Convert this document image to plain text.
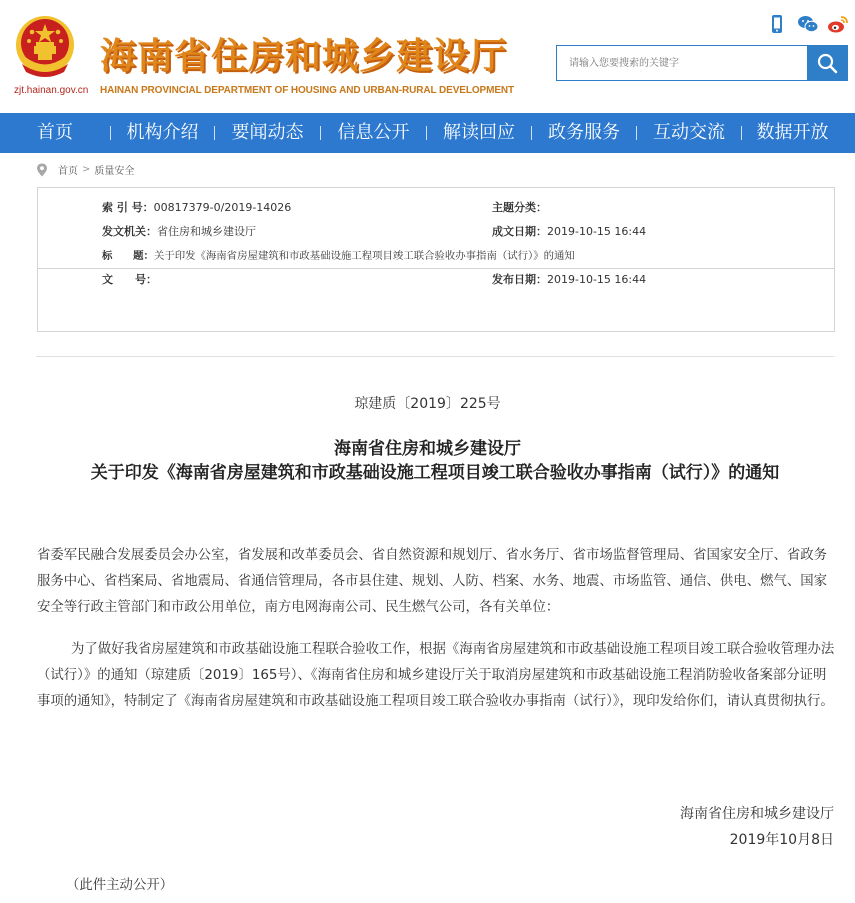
zjt.hainan.gov.cn
海南省住房和城乡建设厅
HAINAN PROVINCIAL DEPARTMENT OF HOUSING AND URBAN-RURAL DEVELOPMENT
请输入您要搜索的关键字
首页	机构介绍	要闻动态	信息公开	解读回应	政务服务	互动交流	数据开放
首页 > 质量安全
索 引 号：00817379-0/2019-14026	主题分类：
发文机关：省住房和城乡建设厅	成文日期：2019-10-15 16:44
标　　题：关于印发《海南省房屋建筑和市政基础设施工程项目竣工联合验收办事指南（试行）》的通知
文　　号：	发布日期：2019-10-15 16:44
琼建质〔2019〕225号
海南省住房和城乡建设厅
关于印发《海南省房屋建筑和市政基础设施工程项目竣工联合验收办事指南（试行）》的通知
省委军民融合发展委员会办公室，省发展和改革委员会、省自然资源和规划厅、省水务厅、省市场监督管理局、省国家安全厅、省政务服务中心、省档案局、省地震局、省通信管理局，各市县住建、规划、人防、档案、水务、地震、市场监管、通信、供电、燃气、国家安全等行政主管部门和市政公用单位，南方电网海南公司、民生燃气公司，各有关单位：
为了做好我省房屋建筑和市政基础设施工程联合验收工作，根据《海南省房屋建筑和市政基础设施工程项目竣工联合验收管理办法（试行）》的通知（琼建质〔2019〕165号）、《海南省住房和城乡建设厅关于取消房屋建筑和市政基础设施工程消防验收备案部分证明事项的通知》，特制定了《海南省房屋建筑和市政基础设施工程项目竣工联合验收办事指南（试行）》，现印发给你们，请认真贯彻执行。
海南省住房和城乡建设厅
2019年10月8日
（此件主动公开）
